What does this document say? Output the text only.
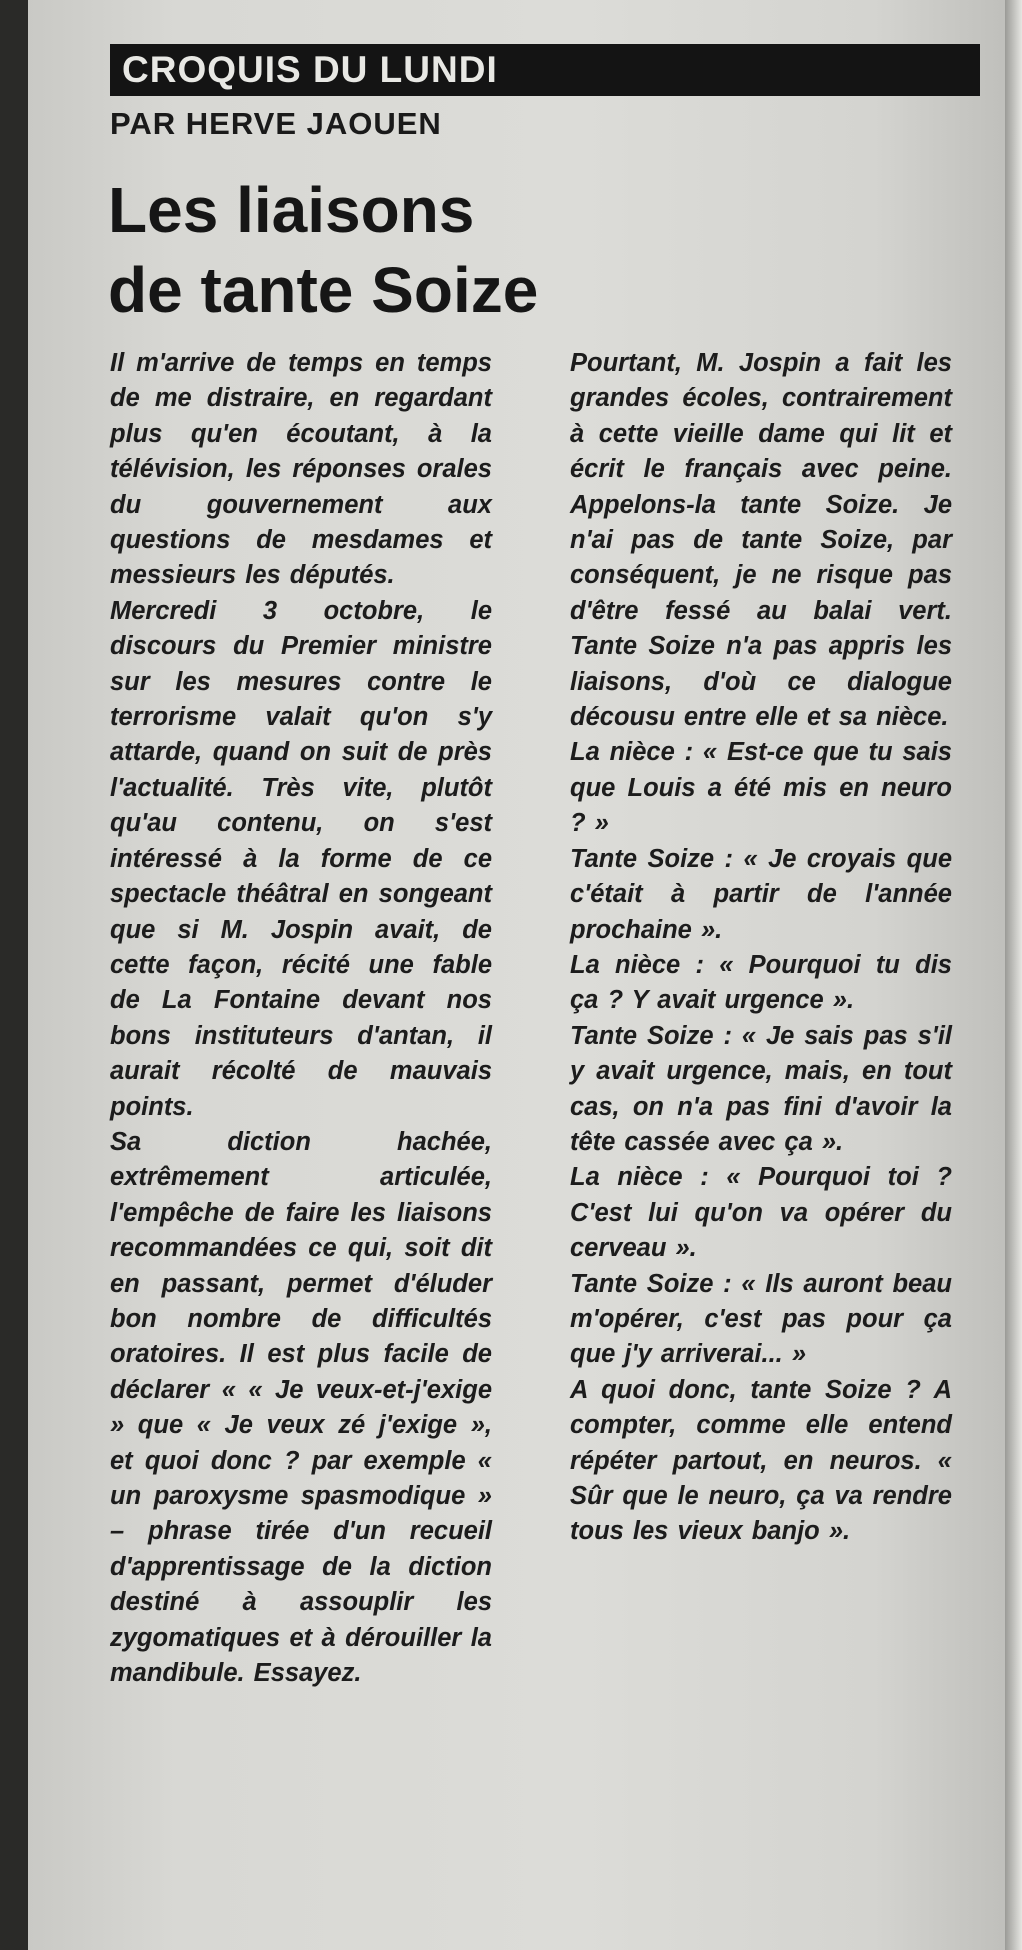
CROQUIS DU LUNDI
PAR HERVE JAOUEN
Les liaisons
de tante Soize

Il m'arrive de temps en temps de me distraire, en regardant plus qu'en écoutant, à la télévision, les réponses orales du gouvernement aux questions de mesdames et messieurs les députés.

Mercredi 3 octobre, le discours du Premier ministre sur les mesures contre le terrorisme valait qu'on s'y attarde, quand on suit de près l'actualité. Très vite, plutôt qu'au contenu, on s'est intéressé à la forme de ce spectacle théâtral en songeant que si M. Jospin avait, de cette façon, récité une fable de La Fontaine devant nos bons instituteurs d'antan, il aurait récolté de mauvais points.

Sa diction hachée, extrêmement articulée, l'empêche de faire les liaisons recommandées ce qui, soit dit en passant, permet d'éluder bon nombre de difficultés oratoires. Il est plus facile de déclarer « « Je veux-et-j'exige » que « Je veux zé j'exige », et quoi donc ? par exemple « un paroxysme spasmodique » – phrase tirée d'un recueil d'apprentissage de la diction destiné à assouplir les zygomatiques et à dérouiller la mandibule. Essayez.

Pourtant, M. Jospin a fait les grandes écoles, contrairement à cette vieille dame qui lit et écrit le français avec peine. Appelons-la tante Soize. Je n'ai pas de tante Soize, par conséquent, je ne risque pas d'être fessé au balai vert. Tante Soize n'a pas appris les liaisons, d'où ce dialogue décousu entre elle et sa nièce.

La nièce : « Est-ce que tu sais que Louis a été mis en neuro ? »

Tante Soize : « Je croyais que c'était à partir de l'année prochaine ».

La nièce : « Pourquoi tu dis ça ? Y avait urgence ».

Tante Soize : « Je sais pas s'il y avait urgence, mais, en tout cas, on n'a pas fini d'avoir la tête cassée avec ça ».

La nièce : « Pourquoi toi ? C'est lui qu'on va opérer du cerveau ».

Tante Soize : « Ils auront beau m'opérer, c'est pas pour ça que j'y arriverai... »

A quoi donc, tante Soize ? A compter, comme elle entend répéter partout, en neuros. « Sûr que le neuro, ça va rendre tous les vieux banjo ».
